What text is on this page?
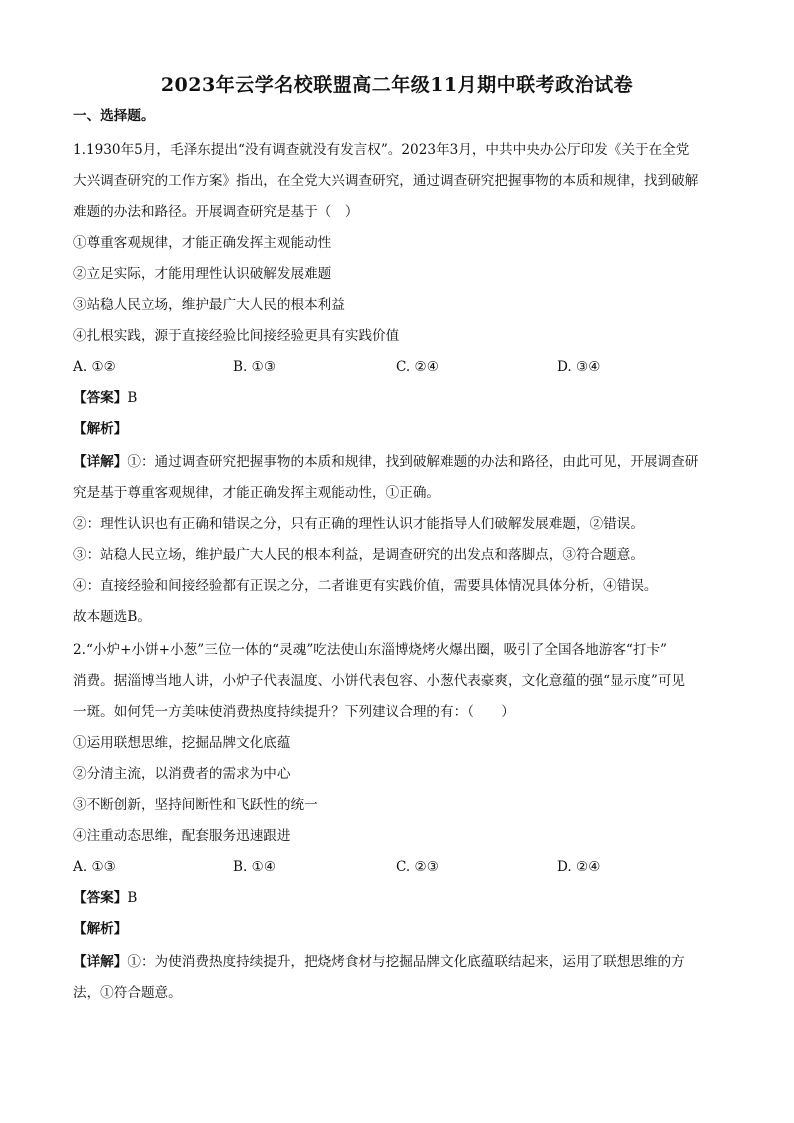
2023年云学名校联盟高二年级11月期中联考政治试卷
一、选择题。
1.1930年5月，毛泽东提出“没有调查就没有发言权”。2023年3月，中共中央办公厅印发《关于在全党
大兴调查研究的工作方案》指出，在全党大兴调查研究，通过调查研究把握事物的本质和规律，找到破解
难题的办法和路径。开展调查研究是基于（　）
①尊重客观规律，才能正确发挥主观能动性
②立足实际，才能用理性认识破解发展难题
③站稳人民立场，维护最广大人民的根本利益
④扎根实践，源于直接经验比间接经验更具有实践价值
A. ①②	B. ①③	C. ②④	D. ③④
【答案】B
【解析】
【详解】①：通过调查研究把握事物的本质和规律，找到破解难题的办法和路径，由此可见，开展调查研
究是基于尊重客观规律，才能正确发挥主观能动性，①正确。
②：理性认识也有正确和错误之分，只有正确的理性认识才能指导人们破解发展难题，②错误。
③：站稳人民立场，维护最广大人民的根本利益，是调查研究的出发点和落脚点，③符合题意。
④：直接经验和间接经验都有正误之分，二者谁更有实践价值，需要具体情况具体分析，④错误。
故本题选B。
2.“小炉+小饼+小葱”三位一体的“灵魂”吃法使山东淄博烧烤火爆出圈，吸引了全国各地游客“打卡”
消费。据淄博当地人讲，小炉子代表温度、小饼代表包容、小葱代表豪爽，文化意蕴的强“显示度”可见
一斑。如何凭一方美味使消费热度持续提升？下列建议合理的有：（　　）
①运用联想思维，挖掘品牌文化底蕴
②分清主流，以消费者的需求为中心
③不断创新，坚持间断性和飞跃性的统一
④注重动态思维，配套服务迅速跟进
A. ①③	B. ①④	C. ②③	D. ②④
【答案】B
【解析】
【详解】①：为使消费热度持续提升，把烧烤食材与挖掘品牌文化底蕴联结起来，运用了联想思维的方
法，①符合题意。
